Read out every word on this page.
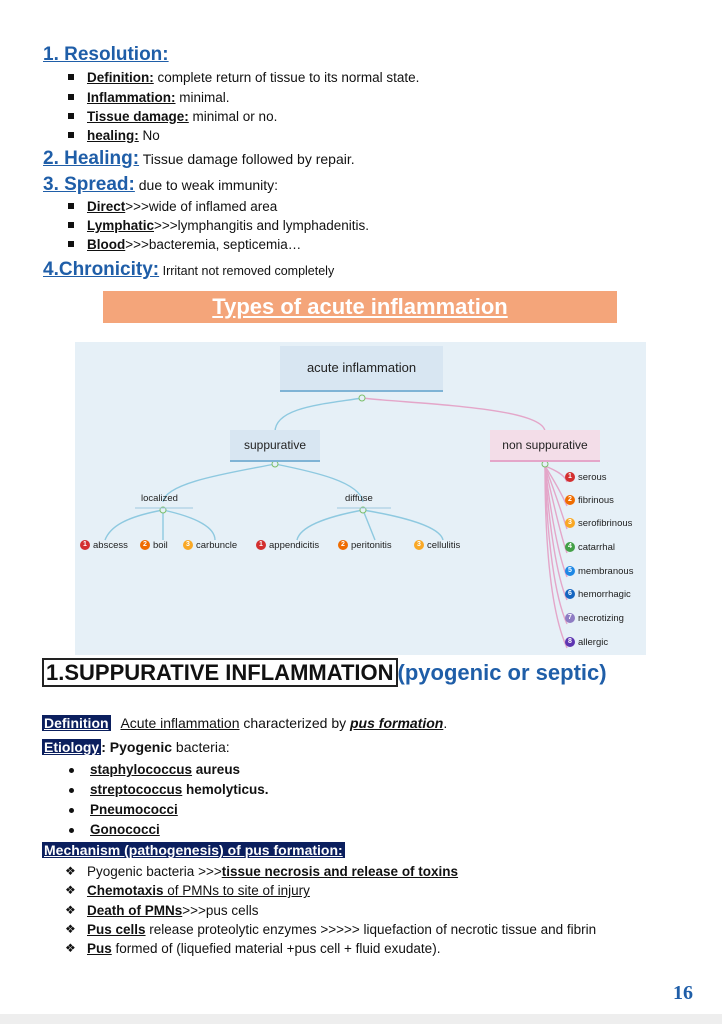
1. Resolution:
Definition: complete return of tissue to its normal state.
Inflammation: minimal.
Tissue damage: minimal or no.
healing: No
2. Healing: Tissue damage followed by repair.
3. Spread: due to weak immunity:
Direct>>>wide of inflamed area
Lymphatic>>>lymphangitis and lymphadenitis.
Blood>>>bacteremia, septicemia…
4.Chronicity: Irritant not removed completely
Types of acute inflammation
acute inflammation
suppurative	non suppurative
localized	diffuse
1 abscess	2 boil	3 carbuncle	1 appendicitis	2 peritonitis	3 cellulitis
1 serous
2 fibrinous
3 serofibrinous
4 catarrhal
5 membranous
6 hemorrhagic
7 necrotizing
8 allergic
1.SUPPURATIVE INFLAMMATION (pyogenic or septic)
Definition Acute inflammation characterized by pus formation.
Etiology : Pyogenic bacteria:
staphylococcus aureus
streptococcus hemolyticus.
Pneumococci
Gonococci
Mechanism (pathogenesis) of pus formation:
❖ Pyogenic bacteria >>>tissue necrosis and release of toxins
❖ Chemotaxis of PMNs to site of injury
❖ Death of PMNs>>>pus cells
❖ Pus cells release proteolytic enzymes >>>>> liquefaction of necrotic tissue and fibrin
❖ Pus formed of (liquefied material +pus cell + fluid exudate).
16
